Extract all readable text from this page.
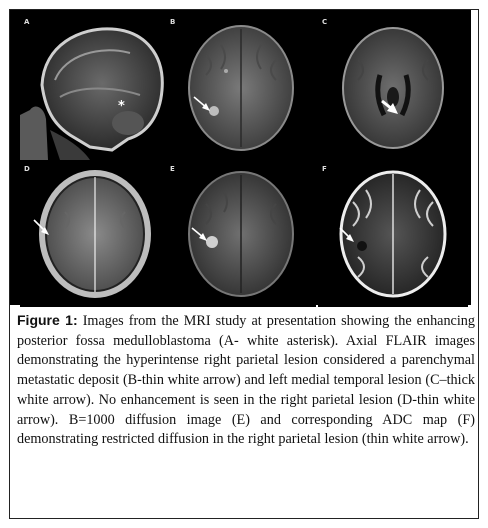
A
*
B	C
D	E	F

Figure 1: Images from the MRI study at presentation showing the enhancing posterior fossa medulloblastoma (A- white asterisk). Axial FLAIR images demonstrating the hyperintense right parietal lesion considered a parenchymal metastatic deposit (B-thin white arrow) and left medial temporal lesion (C–thick white arrow). No enhancement is seen in the right parietal lesion (D-thin white arrow). B=1000 diffusion image (E) and corresponding ADC map (F) demonstrating restricted diffusion in the right parietal lesion (thin white arrow).
